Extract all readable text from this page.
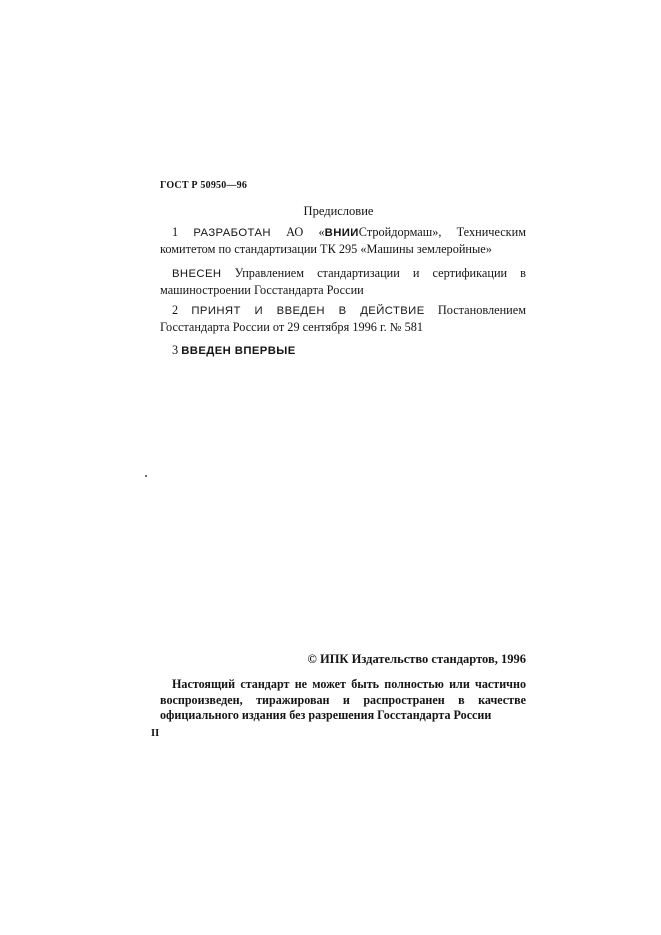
ГОСТ Р 50950—96
Предисловие

1 РАЗРАБОТАН АО «ВНИИСтройдормаш», Техническим комитетом по стандартизации ТК 295 «Машины землеройные»

ВНЕСЕН Управлением стандартизации и сертификации в машиностроении Госстандарта России

2 ПРИНЯТ И ВВЕДЕН В ДЕЙСТВИЕ Постановлением Госстандарта России от 29 сентября 1996 г. № 581

3 ВВЕДЕН ВПЕРВЫЕ

© ИПК Издательство стандартов, 1996

Настоящий стандарт не может быть полностью или частично воспроизведен, тиражирован и распространен в качестве официального издания без разрешения Госстандарта России

II
